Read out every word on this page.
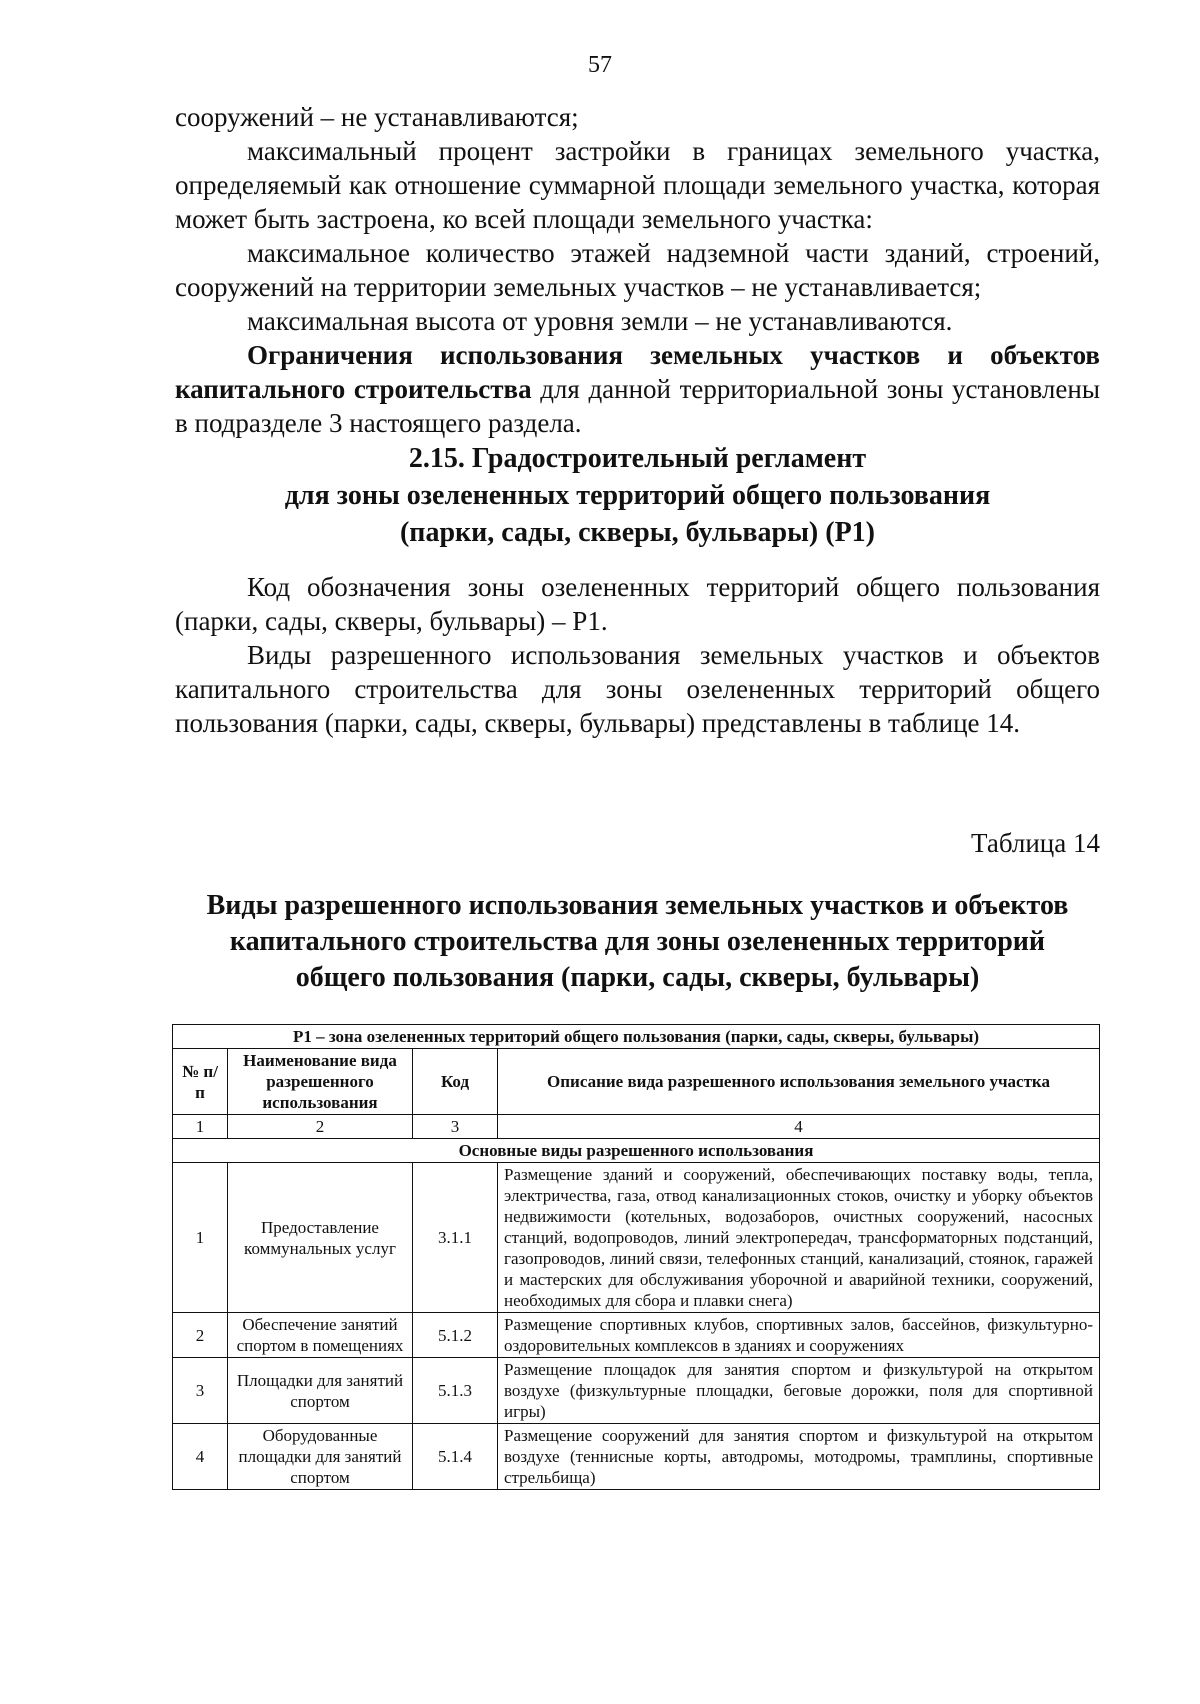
57

сооружений – не устанавливаются;

максимальный процент застройки в границах земельного участка, определяемый как отношение суммарной площади земельного участка, которая может быть застроена, ко всей площади земельного участка:

максимальное количество этажей надземной части зданий, строений, сооружений на территории земельных участков – не устанавливается;

максимальная высота от уровня земли – не устанавливаются.

Ограничения использования земельных участков и объектов капитального строительства для данной территориальной зоны установлены в подразделе 3 настоящего раздела.

2.15. Градостроительный регламент
для зоны озелененных территорий общего пользования
(парки, сады, скверы, бульвары) (Р1)

Код обозначения зоны озелененных территорий общего пользования (парки, сады, скверы, бульвары) – Р1.

Виды разрешенного использования земельных участков и объектов капитального строительства для зоны озелененных территорий общего пользования (парки, сады, скверы, бульвары) представлены в таблице 14.

Таблица 14
Виды разрешенного использования земельных участков и объектов
капитального строительства для зоны озелененных территорий
общего пользования (парки, сады, скверы, бульвары)
Р1 – зона озелененных территорий общего пользования (парки, сады, скверы, бульвары)			
№ п/п	Наименование вида разрешенного использования	Код	Описание вида разрешенного использования земельного участка
1	2	3	4
Основные виды разрешенного использования			
1	Предоставление коммунальных услуг	3.1.1	Размещение зданий и сооружений, обеспечивающих поставку воды, тепла, электричества, газа, отвод канализационных стоков, очистку и уборку объектов недвижимости (котельных, водозаборов, очистных сооружений, насосных станций, водопроводов, линий электропередач, трансформаторных подстанций, газопроводов, линий связи, телефонных станций, канализаций, стоянок, гаражей и мастерских для обслуживания уборочной и аварийной техники, сооружений, необходимых для сбора и плавки снега)
2	Обеспечение занятий спортом в помещениях	5.1.2	Размещение спортивных клубов, спортивных залов, бассейнов, физкультурно-оздоровительных комплексов в зданиях и сооружениях
3	Площадки для занятий спортом	5.1.3	Размещение площадок для занятия спортом и физкультурой на открытом воздухе (физкультурные площадки, беговые дорожки, поля для спортивной игры)
4	Оборудованные площадки для занятий спортом	5.1.4	Размещение сооружений для занятия спортом и физкультурой на открытом воздухе (теннисные корты, автодромы, мотодромы, трамплины, спортивные стрельбища)
